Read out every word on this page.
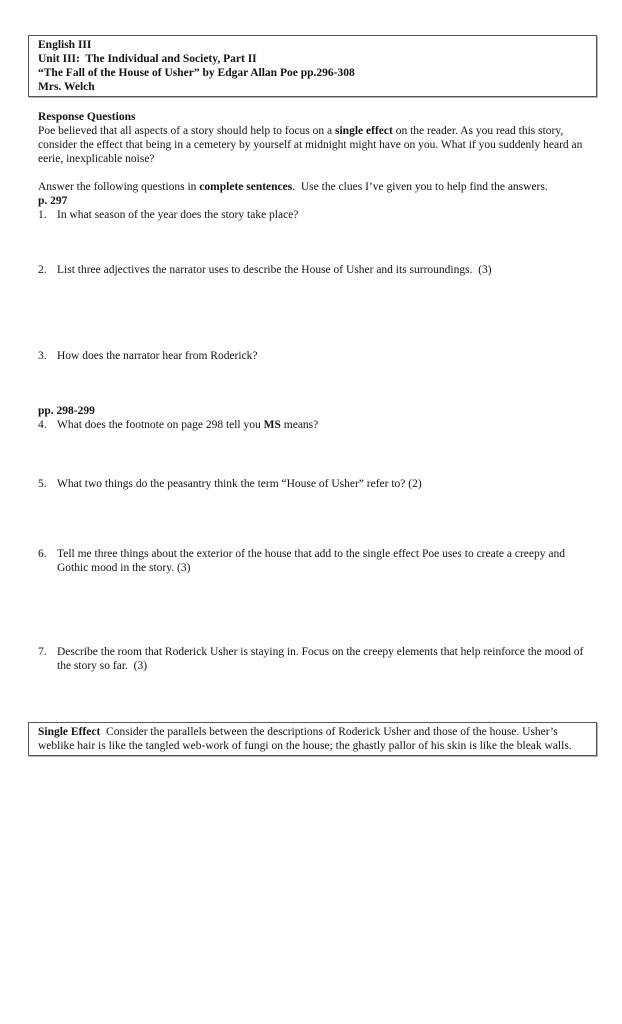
English III
Unit III:  The Individual and Society, Part II
“The Fall of the House of Usher” by Edgar Allan Poe pp.296-308
Mrs. Welch
Response Questions
Poe believed that all aspects of a story should help to focus on a single effect on the reader. As you read this story, consider the effect that being in a cemetery by yourself at midnight might have on you. What if you suddenly heard an eerie, inexplicable noise?
Answer the following questions in complete sentences.  Use the clues I’ve given you to help find the answers.
p. 297
1. In what season of the year does the story take place?
2. List three adjectives the narrator uses to describe the House of Usher and its surroundings.  (3)
3. How does the narrator hear from Roderick?
pp. 298-299
4. What does the footnote on page 298 tell you MS means?
5. What two things do the peasantry think the term “House of Usher” refer to? (2)
6. Tell me three things about the exterior of the house that add to the single effect Poe uses to create a creepy and Gothic mood in the story. (3)
7. Describe the room that Roderick Usher is staying in. Focus on the creepy elements that help reinforce the mood of the story so far.  (3)
Single Effect  Consider the parallels between the descriptions of Roderick Usher and those of the house. Usher’s weblike hair is like the tangled web-work of fungi on the house; the ghastly pallor of his skin is like the bleak walls.
